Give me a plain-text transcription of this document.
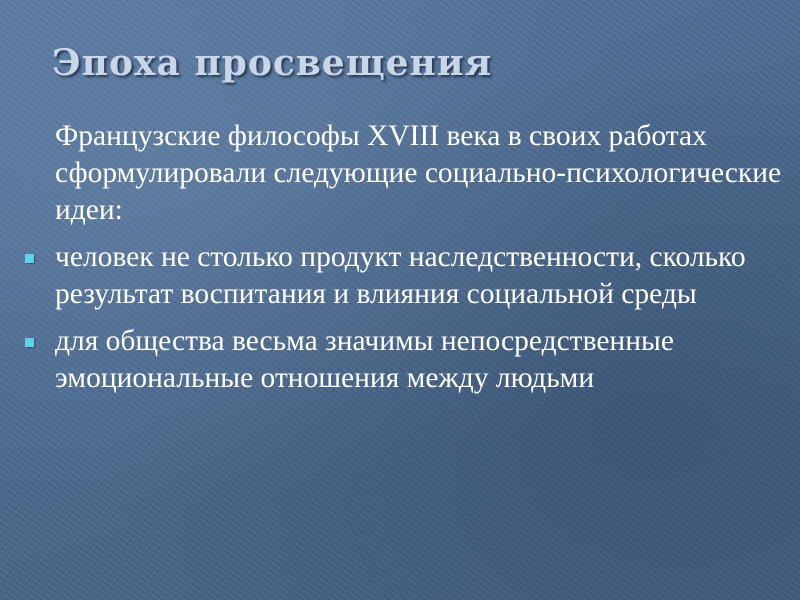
Эпоха просвещения

Французские философы XVIII века в своих работах сформулировали следующие социально-психологические идеи:

человек не столько продукт наследственности, сколько результат воспитания и влияния социальной среды
для общества весьма значимы непосредственные эмоциональные отношения между людьми
